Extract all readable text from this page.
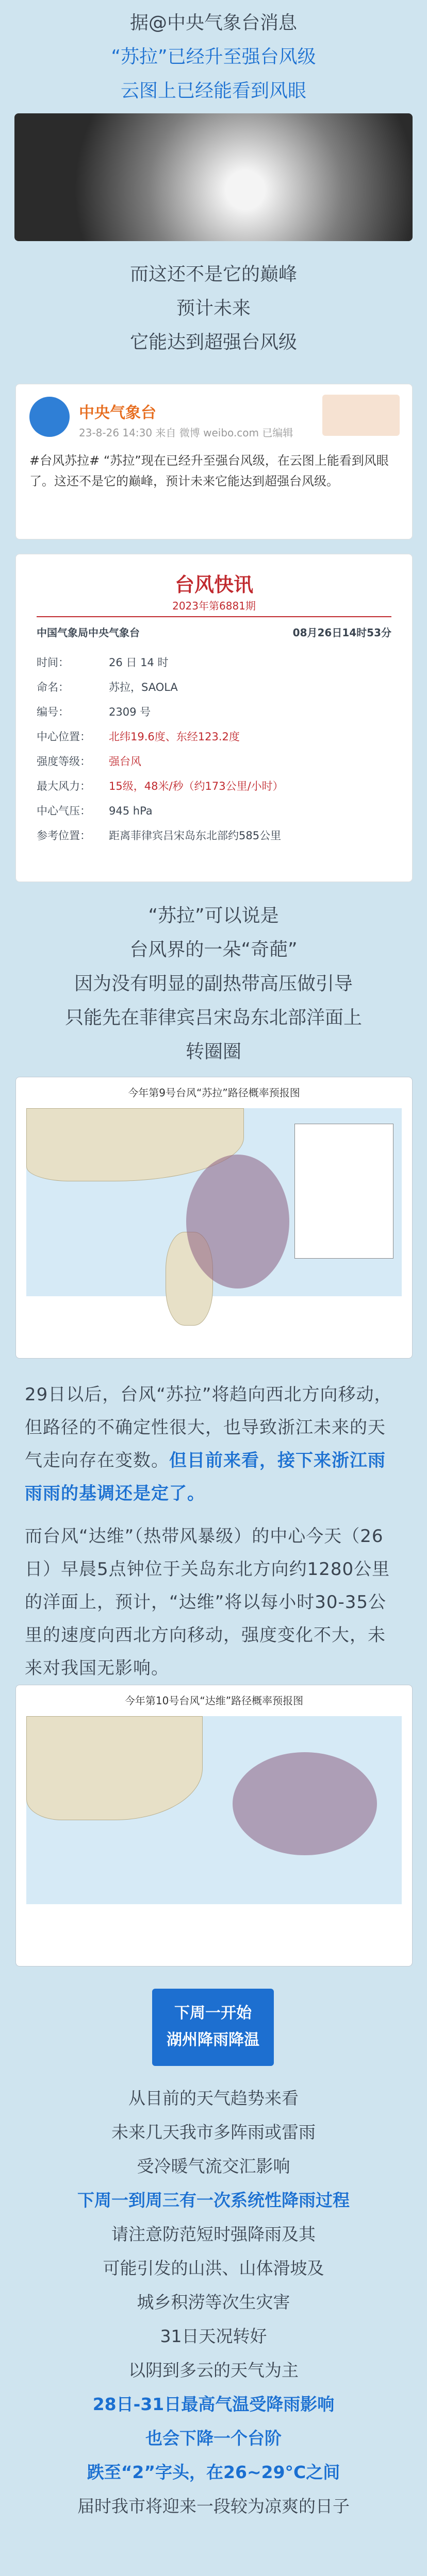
据@中央气象台消息

“苏拉”已经升至强台风级

云图上已经能看到风眼

而这还不是它的巅峰

预计未来

它能达到超强台风级

中央气象台
23-8-26 14:30 来自 微博 weibo.com 已编辑
#台风苏拉# “苏拉”现在已经升至强台风级，在云图上能看到风眼了。这还不是它的巅峰，预计未来它能达到超强台风级。
台风快讯
2023年第6881期
中国气象局中央气象台	08月26日14时53分
时间：	26 日 14 时
命名：	苏拉，SAOLA
编号：	2309 号
中心位置： 北纬19.6度、东经123.2度
强度等级： 强台风
最大风力： 15级，48米/秒（约173公里/小时）
中心气压： 945 hPa
参考位置： 距离菲律宾吕宋岛东北部约585公里

“苏拉”可以说是

台风界的一朵“奇葩”

因为没有明显的副热带高压做引导

只能先在菲律宾吕宋岛东北部洋面上

转圈圈

今年第9号台风“苏拉”路径概率预报图

29日以后，台风“苏拉”将趋向西北方向移动，但路径的不确定性很大，也导致浙江未来的天气走向存在变数。但目前来看，接下来浙江雨雨雨的基调还是定了。

而台风“达维”（热带风暴级）的中心今天（26日）早晨5点钟位于关岛东北方向约1280公里的洋面上，预计，“达维”将以每小时30-35公里的速度向西北方向移动，强度变化不大，未来对我国无影响。

今年第10号台风“达维”路径概率预报图
下周一开始
湖州降雨降温

从目前的天气趋势来看

未来几天我市多阵雨或雷雨

受冷暖气流交汇影响

下周一到周三有一次系统性降雨过程

请注意防范短时强降雨及其

可能引发的山洪、山体滑坡及

城乡积涝等次生灾害

31日天况转好

以阴到多云的天气为主

28日-31日最高气温受降雨影响

也会下降一个台阶

跌至“2”字头，在26~29°C之间

届时我市将迎来一段较为凉爽的日子
